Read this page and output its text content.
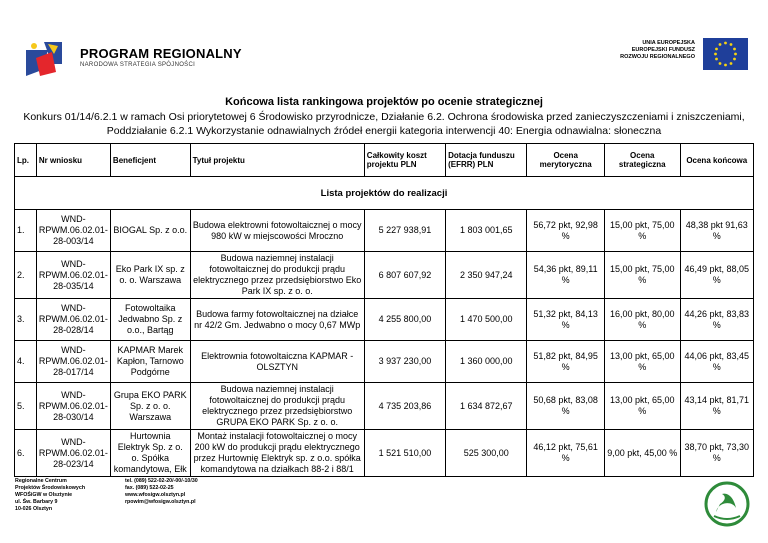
PROGRAM REGIONALNY
NARODOWA STRATEGIA SPÓJNOŚCI
UNIA EUROPEJSKA
EUROPEJSKI FUNDUSZ
ROZWOJU REGIONALNEGO
Końcowa lista rankingowa projektów po ocenie strategicznej
Konkurs 01/14/6.2.1 w ramach Osi priorytetowej 6 Środowisko przyrodnicze, Działanie 6.2. Ochrona środowiska przed zanieczyszczeniami i zniszczeniami, Poddziałanie 6.2.1 Wykorzystanie odnawialnych źródeł energii kategoria interwencji 40: Energia odnawialna: słoneczna
Lp.	Nr wniosku	Beneficjent	Tytuł projektu	Całkowity koszt projektu PLN	Dotacja funduszu (EFRR) PLN	Ocena merytoryczna	Ocena strategiczna	Ocena końcowa
Lista projektów do realizacji								
1.	WND-RPWM.06.02.01-28-003/14	BIOGAL Sp. z o.o.	Budowa elektrowni fotowoltaicznej o mocy 980 kW w miejscowości Mroczno	5 227 938,91	1 803 001,65	56,72 pkt, 92,98 %	15,00 pkt, 75,00 %	48,38 pkt 91,63 %
2.	WND-RPWM.06.02.01-28-035/14	Eko Park IX sp. z o. o. Warszawa	Budowa naziemnej instalacji fotowoltaicznej do produkcji prądu elektrycznego przez przedsiębiorstwo Eko Park IX sp. z o. o.	6 807 607,92	2 350 947,24	54,36 pkt, 89,11 %	15,00 pkt, 75,00 %	46,49 pkt, 88,05 %
3.	WND-RPWM.06.02.01-28-028/14	Fotowoltaika Jedwabno Sp. z o.o., Bartąg	Budowa farmy fotowoltaicznej na działce nr 42/2 Gm. Jedwabno o mocy 0,67 MWp	4 255 800,00	1 470 500,00	51,32 pkt, 84,13 %	16,00 pkt, 80,00 %	44,26 pkt, 83,83 %
4.	WND-RPWM.06.02.01-28-017/14	KAPMAR Marek Kapłon, Tarnowo Podgórne	Elektrownia fotowoltaiczna KAPMAR - OLSZTYN	3 937 230,00	1 360 000,00	51,82 pkt, 84,95 %	13,00 pkt, 65,00 %	44,06 pkt, 83,45 %
5.	WND-RPWM.06.02.01-28-030/14	Grupa EKO PARK Sp. z o. o. Warszawa	Budowa naziemnej instalacji fotowoltaicznej do produkcji prądu elektrycznego przez przedsiębiorstwo GRUPA EKO PARK Sp. z o. o.	4 735 203,86	1 634 872,67	50,68 pkt, 83,08 %	13,00 pkt, 65,00 %	43,14 pkt, 81,71 %
6.	WND-RPWM.06.02.01-28-023/14	Hurtownia Elektryk Sp. z o. o. Spółka komandytowa, Ełk	Montaż instalacji fotowoltaicznej o mocy 200 kW do produkcji prądu elektrycznego przez Hurtownię Elektryk sp. z o.o. spółka komandytowa na działkach 88-2 i 88/1	1 521 510,00	525 300,00	46,12 pkt, 75,61 %	9,00 pkt, 45,00 %	38,70 pkt, 73,30 %
Regionalne Centrum
Projektów Środowiskowych
WFOŚiGW w Olsztynie
ul. Św. Barbary 9
10-026 Olsztyn
tel. (089) 522-02-20/-00/-10/30
fax. (089) 522-02-25
www.wfosigw.olsztyn.pl
rpowim@wfosigw.olsztyn.pl
